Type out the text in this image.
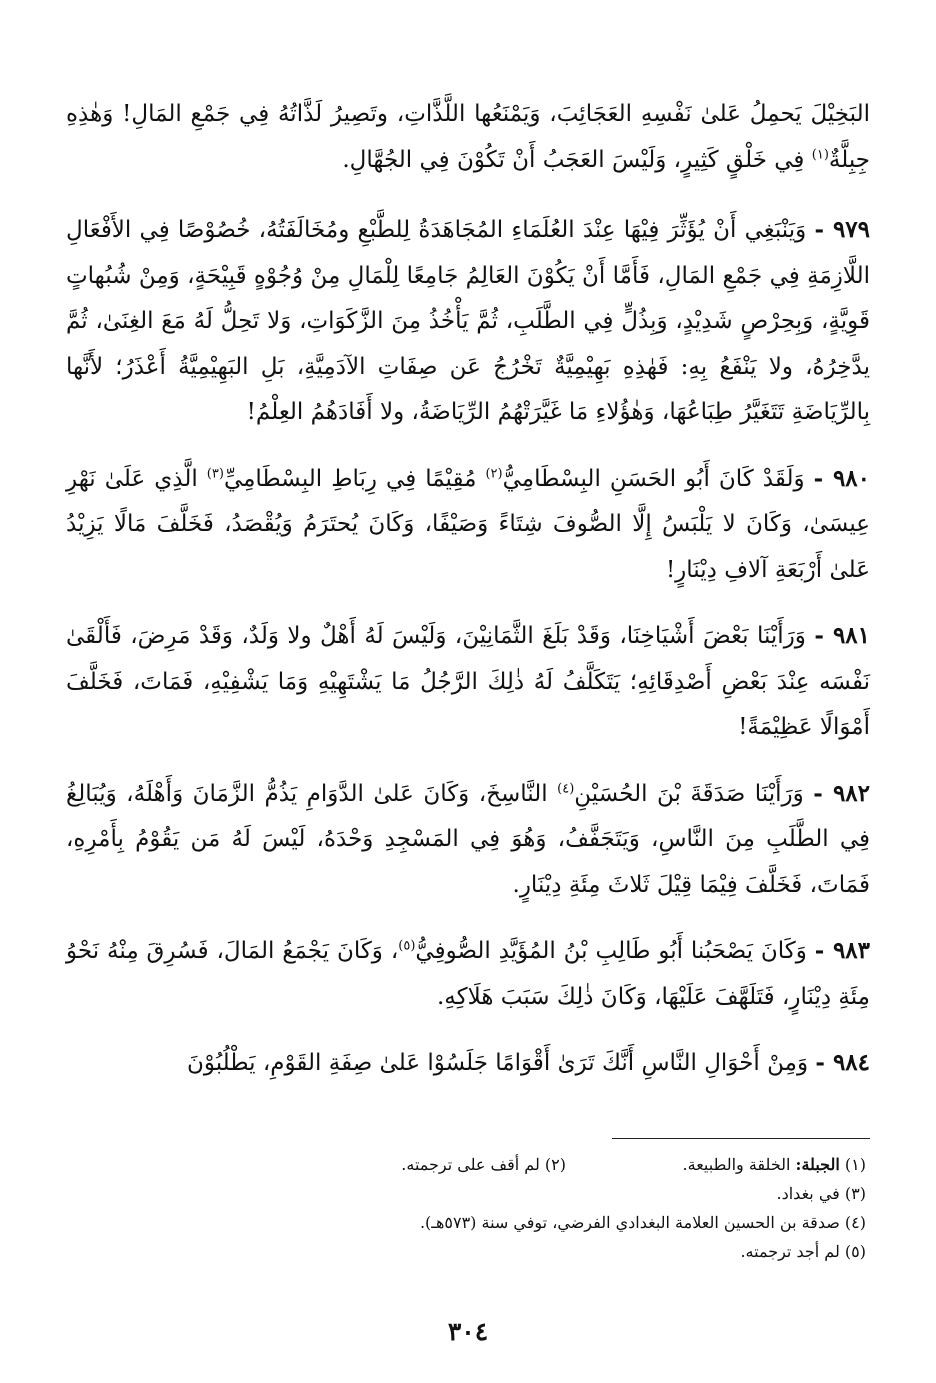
البَخِيْلَ يَحمِلُ عَلىٰ نَفْسِهِ العَجَائِبَ، وَيَمْنَعُها اللَّذَّاتِ، وتَصِيرُ لَذَّاتُهُ فِي جَمْعِ المَالِ! وَهٰذِهِ جِبِلَّةٌ$^{(١)}$ فِي خَلْقٍ كَثِيرٍ، وَلَيْسَ العَجَبُ أَنْ تَكُوْنَ فِي الجُهَّالِ.

٩٧٩ - وَيَنْبَغِي أَنْ يُؤَثِّرَ فِيْهَا عِنْدَ العُلَمَاءِ المُجَاهَدَةُ لِلطَّبْعِ ومُخَالَفَتُهُ، خُصُوْصًا فِي الأَفْعَالِ اللَّازِمَةِ فِي جَمْعِ المَالِ، فَأَمَّا أَنْ يَكُوْنَ العَالِمُ جَامِعًا لِلْمَالِ مِنْ وُجُوْهٍ قَبِيْحَةٍ، وَمِنْ شُبُهاتٍ قَوِيَّةٍ، وَبِحِرْصٍ شَدِيْدٍ، وَبِذُلٍّ فِي الطَّلَبِ، ثُمَّ يَأْخُذُ مِنَ الزَّكَوَاتِ، وَلا تَحِلُّ لَهُ مَعَ الغِنَىٰ، ثُمَّ يدَّخِرُهُ، ولا يَنْفَعُ بِهِ: فَهٰذِهِ بَهِيْمِيَّةٌ تَخْرُجُ عَن صِفَاتِ الآدَمِيَّةِ، بَلِ البَهِيْمِيَّةُ أَعْذَرُ؛ لأَنَّها بِالرِّيَاضَةِ تَتَغَيَّرُ طِبَاعُهَا، وَهٰؤُلاءِ مَا غَيَّرَتْهُمُ الرِّيَاضَةُ، ولا أَفَادَهُمُ العِلْمُ!

٩٨٠ - وَلَقَدْ كَانَ أَبُو الحَسَنِ البِسْطَامِيُّ$^{(٢)}$ مُقِيْمًا فِي رِبَاطِ البِسْطَامِيِّ$^{(٣)}$ الَّذِي عَلَىٰ نَهْرِ عِيسَىٰ، وَكَانَ لا يَلْبَسُ إِلَّا الصُّوفَ شِتَاءً وَصَيْفًا، وَكَانَ يُحتَرَمُ وَيُقْصَدُ، فَخَلَّفَ مَالًا يَزِيْدُ عَلىٰ أَرْبَعَةِ آلافِ دِيْنَارٍ!

٩٨١ - وَرَأَيْنَا بَعْضَ أَشْيَاخِنَا، وَقَدْ بَلَغَ الثَّمَانِيْنَ، وَلَيْسَ لَهُ أَهْلٌ ولا وَلَدٌ، وَقَدْ مَرِضَ، فَأَلْقَىٰ نَفْسَه عِنْدَ بَعْضِ أَصْدِقَائِهِ؛ يَتَكَلَّفُ لَهُ ذٰلِكَ الرَّجُلُ مَا يَشْتَهِيْهِ وَمَا يَشْفِيْهِ، فَمَاتَ، فَخَلَّفَ أَمْوَالًا عَظِيْمَةً!

٩٨٢ - وَرَأَيْنَا صَدَقَةَ بْنَ الحُسَيْنِ$^{(٤)}$ النَّاسِخَ، وَكَانَ عَلىٰ الدَّوَامِ يَذُمُّ الزَّمَانَ وَأَهْلَهُ، وَيُبَالِغُ فِي الطَّلَبِ مِنَ النَّاسِ، وَيَتَجَفَّفُ، وَهُوَ فِي المَسْجِدِ وَحْدَهُ، لَيْسَ لَهُ مَن يَقُوْمُ بِأَمْرِهِ، فَمَاتَ، فَخَلَّفَ فِيْمَا قِيْلَ ثَلاثَ مِئَةِ دِيْنَارٍ.

٩٨٣ - وَكَانَ يَصْحَبُنا أَبُو طَالِبِ بْنُ المُؤَيَّدِ الصُّوفِيُّ$^{(٥)}$، وَكَانَ يَجْمَعُ المَالَ، فَسُرِقَ مِنْهُ نَحْوُ مِئَةِ دِيْنَارٍ، فَتَلَهَّفَ عَلَيْهَا، وَكَانَ ذٰلِكَ سَبَبَ هَلَاكِهِ.

٩٨٤ - وَمِنْ أَحْوَالِ النَّاسِ أَنَّكَ تَرَىٰ أَقْوَامًا جَلَسُوْا عَلىٰ صِفَةِ القَوْمِ، يَطْلُبُوْنَ

(١) الجبلة: الخلقة والطبيعة.
(٢) لم أقف على ترجمته.
(٣) في بغداد.
(٤) صدقة بن الحسين العلامة البغدادي الفرضي، توفي سنة (٥٧٣هـ).
(٥) لم أجد ترجمته.
٣٠٤
